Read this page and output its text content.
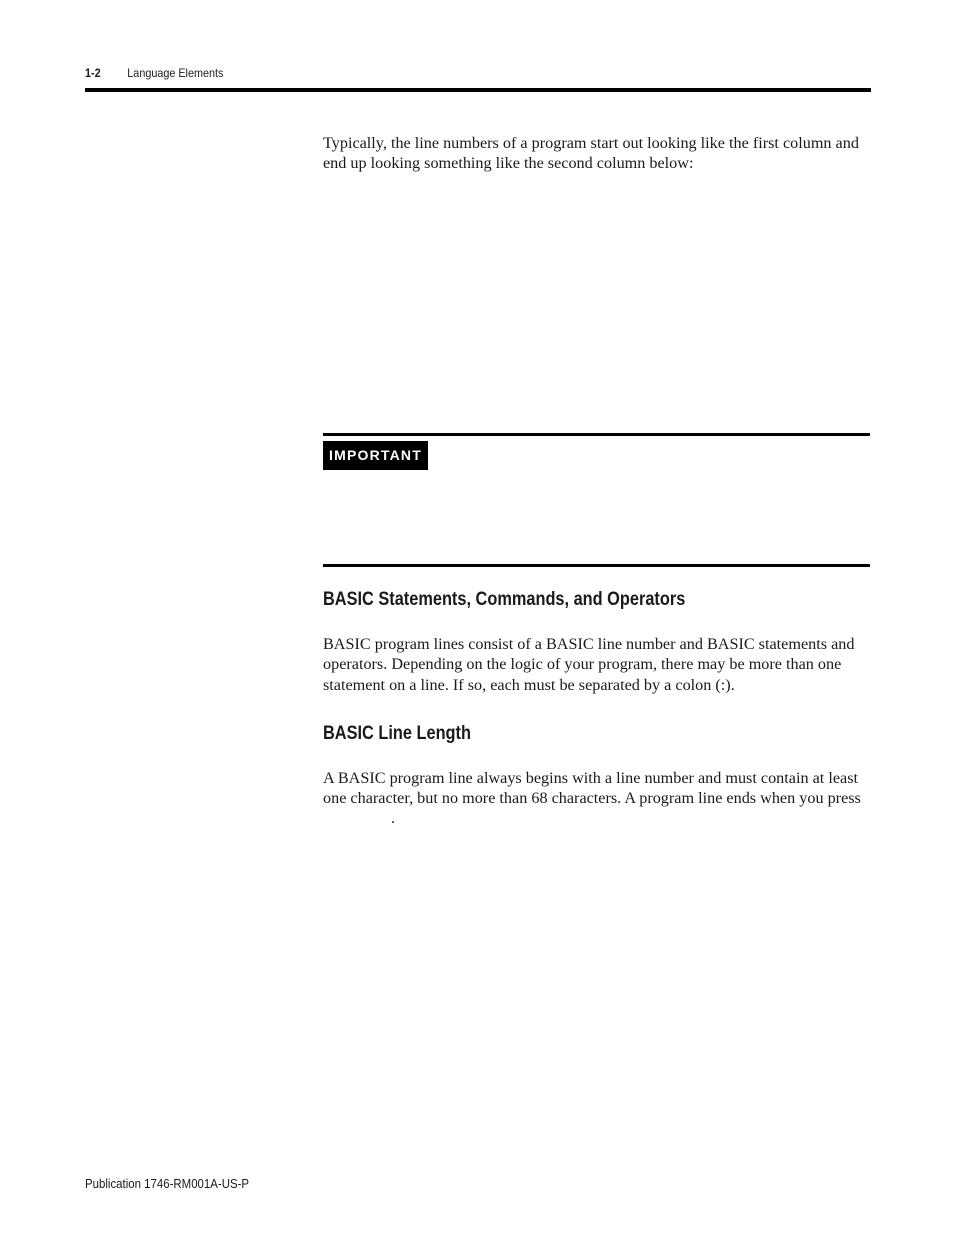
1-2 Language Elements

Typically, the line numbers of a program start out looking like the first column and end up looking something like the second column below:

IMPORTANT
BASIC Statements, Commands, and Operators

BASIC program lines consist of a BASIC line number and BASIC statements and operators. Depending on the logic of your program, there may be more than one statement on a line. If so, each must be separated by a colon (:).

BASIC Line Length

A BASIC program line always begins with a line number and must contain at least one character, but no more than 68 characters. A program line ends when you press

.

Publication 1746-RM001A-US-P
